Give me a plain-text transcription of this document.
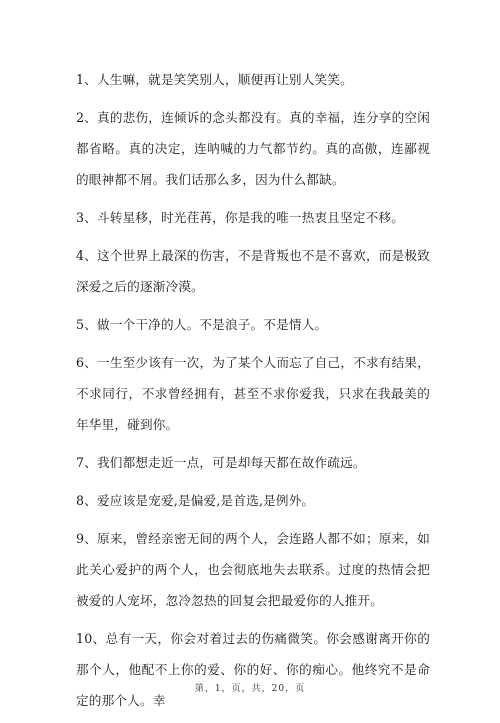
1、人生嘛，就是笑笑别人，顺便再让别人笑笑。

2、真的悲伤，连倾诉的念头都没有。真的幸福，连分享的空闲都省略。真的决定，连呐喊的力气都节约。真的高傲，连鄙视的眼神都不屑。我们话那么多，因为什么都缺。

3、斗转星移，时光荏苒，你是我的唯一热衷且坚定不移。

4、这个世界上最深的伤害，不是背叛也不是不喜欢，而是极致深爱之后的逐渐冷漠。

5、做一个干净的人。不是浪子。不是情人。

6、一生至少该有一次，为了某个人而忘了自己，不求有结果，不求同行，不求曾经拥有，甚至不求你爱我，只求在我最美的年华里，碰到你。

7、我们都想走近一点，可是却每天都在故作疏远。

8、爱应该是宠爱,是偏爱,是首选,是例外。

9、原来，曾经亲密无间的两个人，会连路人都不如；原来，如此关心爱护的两个人，也会彻底地失去联系。过度的热情会把被爱的人宠坏，忽冷忽热的回复会把最爱你的人推开。

10、总有一天，你会对着过去的伤痛微笑。你会感谢离开你的那个人，他配不上你的爱、你的好、你的痴心。他终究不是命定的那个人。幸

第，1，页，共，20，页
